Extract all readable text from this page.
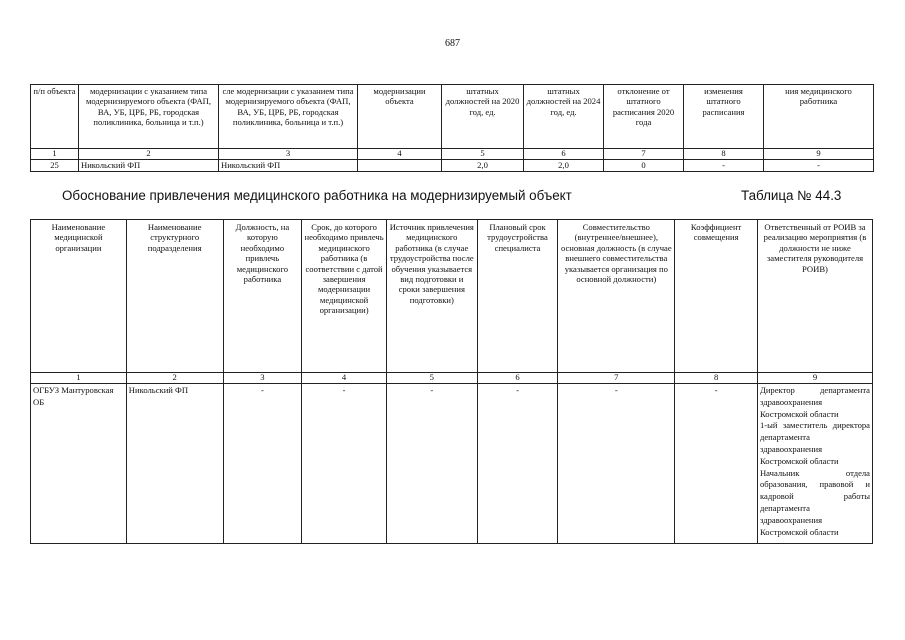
687
п/п объекта	модернизации с указанием типа модернизируемого объекта (ФАП, ВА, УБ, ЦРБ, РБ, городская поликлиника, больница и т.п.)	сле модернизации с указанием типа модернизируемого объекта (ФАП, ВА, УБ, ЦРБ, РБ, городская поликлиника, больница и т.п.)	модернизации объекта	штатных должностей на 2020 год, ед.	штатных должностей на 2024 год, ед.	отклонение от штатного расписания 2020 года	изменения штатного расписания	ния медицинского работника
1	2	3	4	5	6	7	8	9
25	Никольский ФП	Никольский ФП		2,0	2,0	0	-	-
Обоснование привлечения медицинского работника на модернизируемый объект	Таблица № 44.3
Наименование медицинской организации	Наименование структурного подразделения	Должность, на которую необходимо привлечь медицинского работника	Срок, до которого необходимо привлечь медицинского работника (в соответствии с датой завершения модернизации медицинской организации)	Источник привлечения медицинского работника (в случае трудоустройства после обучения указывается вид подготовки и сроки завершения подготовки)	Плановый срок трудоустройства специалиста	Совместительство (внутреннее/внешнее), основная должность (в случае внешнего совместительства указывается организация по основной должности)	Коэффициент совмещения	Ответственный от РОИВ за реализацию мероприятия (в должности не ниже заместителя руководителя РОИВ)
1	2	3	4	5	6	7	8	9
ОГБУЗ Мантуровская ОБ	Никольский ФП	-	-	-	-	-	-	Директор департамента здравоохранения Костромской области
1-ый заместитель директора департамента здравоохранения Костромской области
Начальник отдела образования, правовой и кадровой работы департамента здравоохранения Костромской области
